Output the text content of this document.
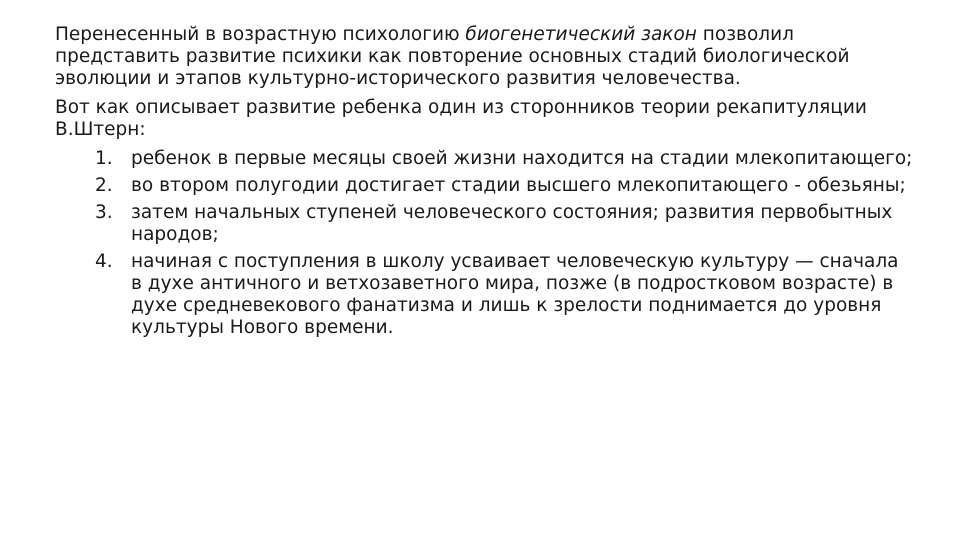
Перенесенный в возрастную психологию биогенетический закон позволил представить развитие психики как повторение основных стадий биологической эволюции и этапов культурно-исторического развития человечества.

Вот как описывает развитие ребенка один из сторонников теории рекапитуляции В.Штерн:

1. ребенок в первые месяцы своей жизни находится на стадии млекопитающего;
2. во втором полугодии достигает стадии высшего млекопитающего - обезьяны;
3. затем начальных ступеней человеческого состояния; развития первобытных народов;
4. начиная с поступления в школу усваивает человеческую культуру — сначала в духе античного и ветхозаветного мира, позже (в подростковом возрасте) в духе средневекового фанатизма и лишь к зрелости поднимается до уровня культуры Нового времени.
